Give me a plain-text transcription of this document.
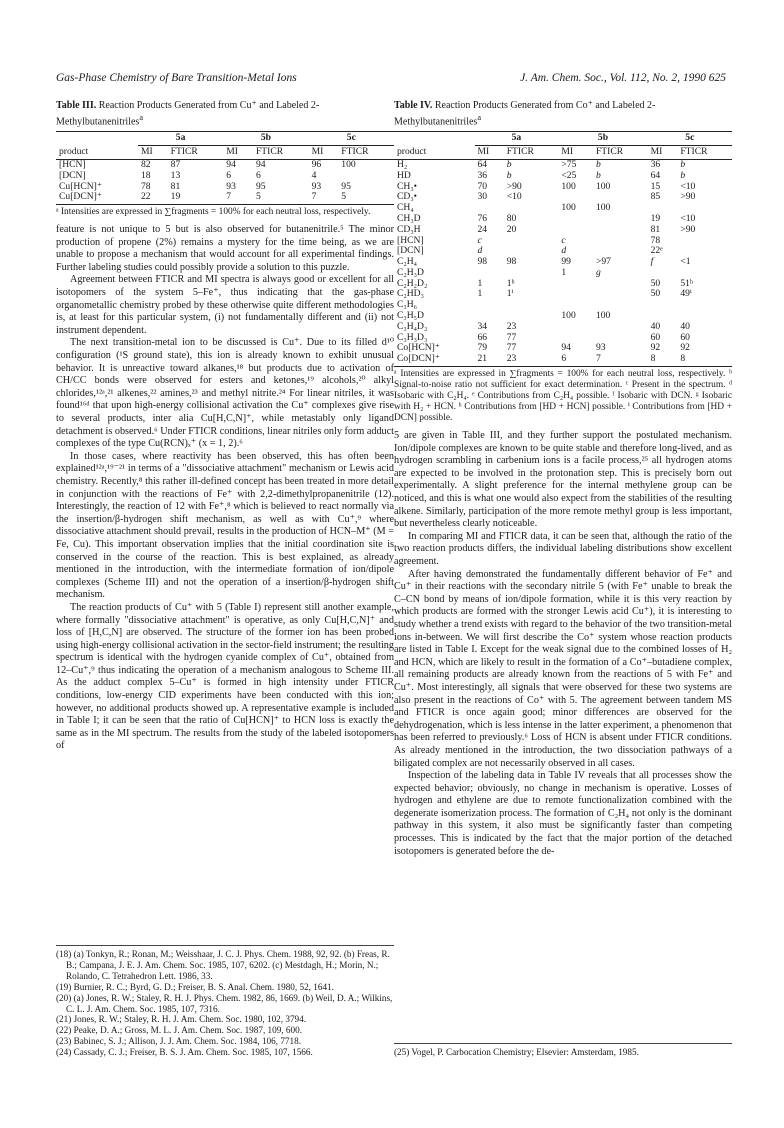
Gas-Phase Chemistry of Bare Transition-Metal Ions	J. Am. Chem. Soc., Vol. 112, No. 2, 1990 625
Table III. Reaction Products Generated from Cu⁺ and Labeled 2-Methylbutanenitriles$^a$
	5a		5b		5c	
product	MI	FTICR	MI	FTICR	MI	FTICR
[HCN]	82	87	94	94	96	100
[DCN]	18	13	6	6	4	
Cu[HCN]⁺	78	81	93	95	93	95
Cu[DCN]⁺	22	19	7	5	7	5
ᵃ Intensities are expressed in ∑fragments = 100% for each neutral loss, respectively.

feature is not unique to 5 but is also observed for butanenitrile.⁵ The minor production of propene (2%) remains a mystery for the time being, as we are unable to propose a mechanism that would account for all experimental findings. Further labeling studies could possibly provide a solution to this puzzle.

Agreement between FTICR and MI spectra is always good or excellent for all isotopomers of the system 5–Fe⁺, thus indicating that the gas-phase organometallic chemistry probed by these otherwise quite different methodologies is, at least for this particular system, (i) not fundamentally different and (ii) not instrument dependent.

The next transition-metal ion to be discussed is Cu⁺. Due to its filled d¹⁰ configuration (¹S ground state), this ion is already known to exhibit unusual behavior. It is unreactive toward alkanes,¹⁸ but products due to activation of CH/CC bonds were observed for esters and ketones,¹⁹ alcohols,²⁰ alkyl chlorides,¹²ᵃ,²¹ alkenes,²² amines,²³ and methyl nitrite.²⁴ For linear nitriles, it was found¹⁶ᵈ that upon high-energy collisional activation the Cu⁺ complexes give rise to several products, inter alia Cu[H,C,N]⁺, while metastably only ligand detachment is observed.⁶ Under FTICR conditions, linear nitriles only form adduct complexes of the type Cu(RCN)ₓ⁺ (x = 1, 2).⁶

In those cases, where reactivity has been observed, this has often been explained¹²ᵃ,¹⁹⁻²¹ in terms of a "dissociative attachment" mechanism or Lewis acid chemistry. Recently,⁸ this rather ill-defined concept has been treated in more detail in conjunction with the reactions of Fe⁺ with 2,2-dimethylpropanenitrile (12). Interestingly, the reaction of 12 with Fe⁺,⁸ which is believed to react normally via the insertion/β-hydrogen shift mechanism, as well as with Cu⁺,⁹ where dissociative attachment should prevail, results in the production of HCN–M⁺ (M = Fe, Cu). This important observation implies that the initial coordination site is conserved in the course of the reaction. This is best explained, as already mentioned in the introduction, with the intermediate formation of ion/dipole complexes (Scheme III) and not the operation of a insertion/β-hydrogen shift mechanism.

The reaction products of Cu⁺ with 5 (Table I) represent still another example, where formally "dissociative attachment" is operative, as only Cu[H,C,N]⁺ and loss of [H,C,N] are observed. The structure of the former ion has been probed using high-energy collisional activation in the sector-field instrument; the resulting spectrum is identical with the hydrogen cyanide complex of Cu⁺, obtained from 12–Cu⁺,⁹ thus indicating the operation of a mechanism analogous to Scheme III. As the adduct complex 5–Cu⁺ is formed in high intensity under FTICR conditions, low-energy CID experiments have been conducted with this ion; however, no additional products showed up. A representative example is included in Table I; it can be seen that the ratio of Cu[HCN]⁺ to HCN loss is exactly the same as in the MI spectrum. The results from the study of the labeled isotopomers of

(18) (a) Tonkyn, R.; Ronan, M.; Weisshaar, J. C. J. Phys. Chem. 1988, 92, 92. (b) Freas, R. B.; Campana, J. E. J. Am. Chem. Soc. 1985, 107, 6202. (c) Mestdagh, H.; Morin, N.; Rolando, C. Tetrahedron Lett. 1986, 33.
(19) Burnier, R. C.; Byrd, G. D.; Freiser, B. S. Anal. Chem. 1980, 52, 1641.
(20) (a) Jones, R. W.; Staley, R. H. J. Phys. Chem. 1982, 86, 1669. (b) Weil, D. A.; Wilkins, C. L. J. Am. Chem. Soc. 1985, 107, 7316.
(21) Jones, R. W.; Staley, R. H. J. Am. Chem. Soc. 1980, 102, 3794.
(22) Peake, D. A.; Gross, M. L. J. Am. Chem. Soc. 1987, 109, 600.
(23) Babinec, S. J.; Allison, J. J. Am. Chem. Soc. 1984, 106, 7718.
(24) Cassady, C. J.; Freiser, B. S. J. Am. Chem. Soc. 1985, 107, 1566.
Table IV. Reaction Products Generated from Co⁺ and Labeled 2-Methylbutanenitriles$^a$
	5a		5b		5c	
product	MI	FTICR	MI	FTICR	MI	FTICR
H₂	64	b	>75	b	36	b
HD	36	b	<25	b	64	b
CH₃•	70	>90	100	100	15	<10
CD₃•	30	<10			85	>90
CH₄			100	100		
CH₃D	76	80			19	<10
CD₃H	24	20			81	>90
[HCN]	c		c		78	
[DCN]	d		d		22ᵉ	
C₂H₄	98	98	99	>97	f	<1
C₂H₃D			1	g		
C₂H₂D₂	1	1ʰ			50	51ʰ
C₂HD₃	1	1ⁱ			50	49ⁱ
C₃H₆						
C₃H₅D			100	100		
C₃H₄D₂	34	23			40	40
C₃H₃D₃	66	77			60	60
Co[HCN]⁺	79	77	94	93	92	92
Co[DCN]⁺	21	23	6	7	8	8
ᵃ Intensities are expressed in ∑fragments = 100% for each neutral loss, respectively. ᵇ Signal-to-noise ratio not sufficient for exact determination. ᶜ Present in the spectrum. ᵈ Isobaric with C₂H₄. ᵉ Contributions from C₂H₄ possible. ᶠ Isobaric with DCN. ᵍ Isobaric with H₂ + HCN. ʰ Contributions from [HD + HCN] possible. ⁱ Contributions from [HD + DCN] possible.

5 are given in Table III, and they further support the postulated mechanism. Ion/dipole complexes are known to be quite stable and therefore long-lived, and as hydrogen scrambling in carbenium ions is a facile process,²⁵ all hydrogen atoms are expected to be involved in the protonation step. This is precisely born out experimentally. A slight preference for the internal methylene group can be noticed, and this is what one would also expect from the stabilities of the resulting alkene. Similarly, participation of the more remote methyl group is less important, but nevertheless clearly noticeable.

In comparing MI and FTICR data, it can be seen that, although the ratio of the two reaction products differs, the individual labeling distributions show excellent agreement.

After having demonstrated the fundamentally different behavior of Fe⁺ and Cu⁺ in their reactions with the secondary nitrile 5 (with Fe⁺ unable to break the C–CN bond by means of ion/dipole formation, while it is this very reaction by which products are formed with the stronger Lewis acid Cu⁺), it is interesting to study whether a trend exists with regard to the behavior of the two transition-metal ions in-between. We will first describe the Co⁺ system whose reaction products are listed in Table I. Except for the weak signal due to the combined losses of H₂ and HCN, which are likely to result in the formation of a Co⁺–butadiene complex, all remaining products are already known from the reactions of 5 with Fe⁺ and Cu⁺. Most interestingly, all signals that were observed for these two systems are also present in the reactions of Co⁺ with 5. The agreement between tandem MS and FTICR is once again good; minor differences are observed for the dehydrogenation, which is less intense in the latter experiment, a phenomenon that has been referred to previously.⁶ Loss of HCN is absent under FTICR conditions. As already mentioned in the introduction, the two dissociation pathways of a biligated complex are not necessarily observed in all cases.

Inspection of the labeling data in Table IV reveals that all processes show the expected behavior; obviously, no change in mechanism is operative. Losses of hydrogen and ethylene are due to remote functionalization combined with the degenerate isomerization process. The formation of C₂H₄ not only is the dominant pathway in this system, it also must be significantly faster than competing processes. This is indicated by the fact that the major portion of the detached isotopomers is generated before the de-

(25) Vogel, P. Carbocation Chemistry; Elsevier: Amsterdam, 1985.
